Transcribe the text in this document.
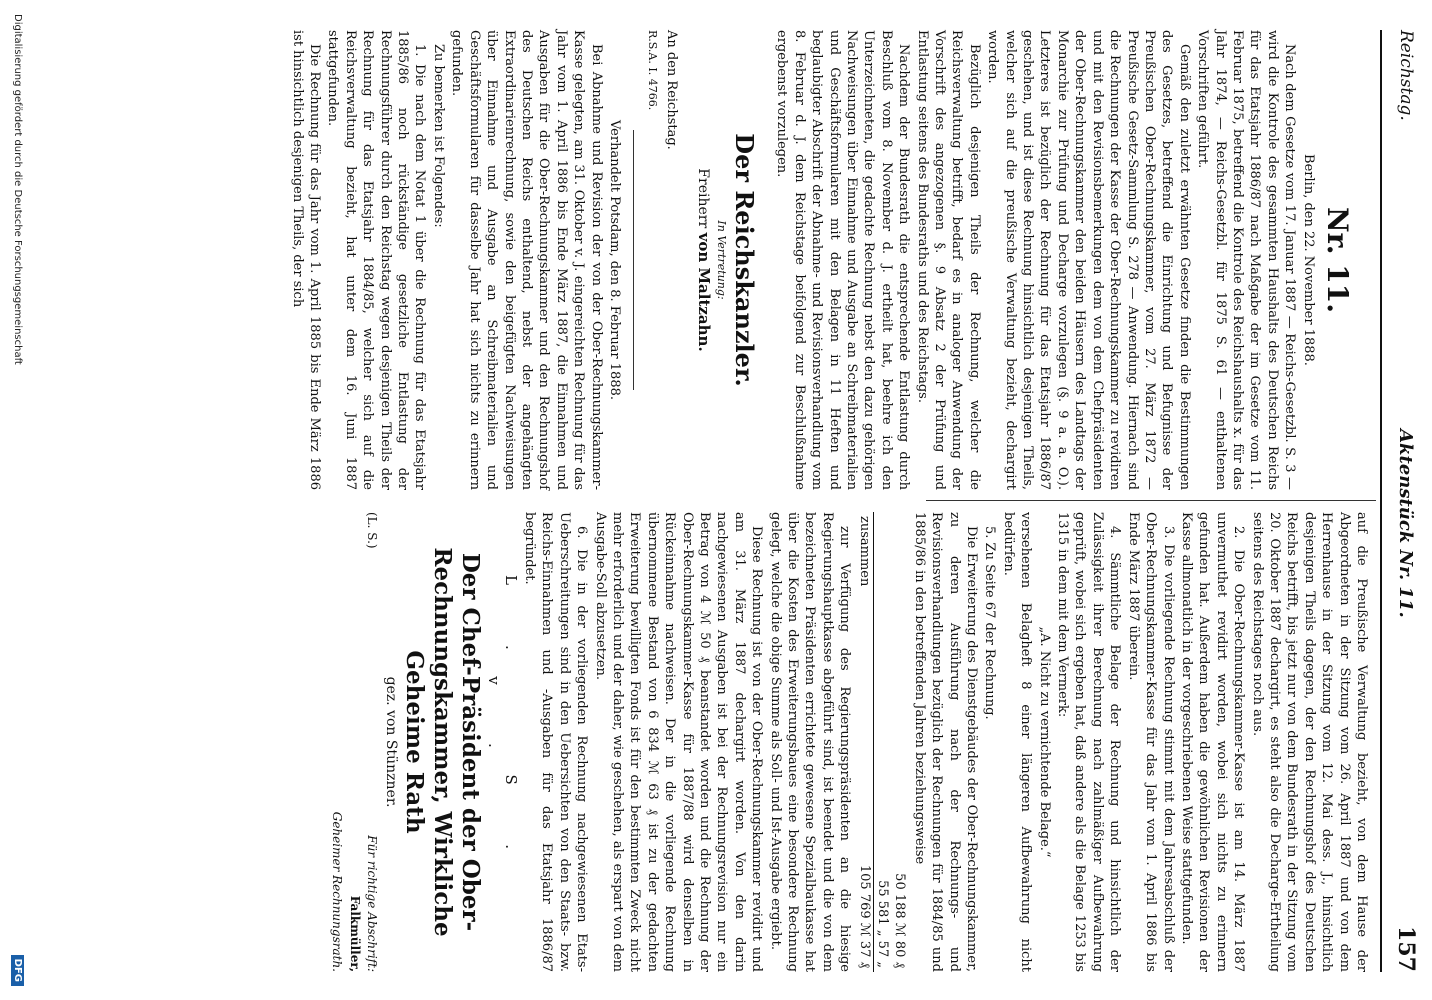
Reichstag.
Aktenstück Nr. 11.
157
Nr. 11.

Berlin, den 22. November 1888.

Nach dem Gesetze vom 17. Januar 1887 — Reichs-Gesetzbl. S. 3 — wird die Kontrole des gesammten Haushalts des Deutschen Reichs für das Etatsjahr 1886/87 nach Maßgabe der im Gesetze vom 11. Februar 1875, betreffend die Kontrole des Reichshaushalts x. für das Jahr 1874, — Reichs-Gesetzbl. für 1875 S. 61 — enthaltenen Vorschriften geführt.

Gemäß den zuletzt erwähnten Gesetze finden die Bestimmungen des Gesetzes, betreffend die Einrichtung und Befugnisse der Preußischen Ober-Rechnungskammer, vom 27. März 1872 — Preußische Gesetz-Sammlung S. 278 — Anwendung. Hiernach sind die Rechnungen der Kasse der Ober-Rechnungskammer zu revidiren und mit den Revisionsbemerkungen dem von dem Chefpräsidenten der Ober-Rechnungskammer den beiden Häusern des Landtags der Monarchie zur Prüfung und Decharge vorzulegen (§. 9 a. a. O.). Letzteres ist bezüglich der Rechnung für das Etatsjahr 1886/87 geschehen, und ist diese Rechnung hinsichtlich desjenigen Theils, welcher sich auf die preußische Verwaltung bezieht, dechargirt worden.

Bezüglich desjenigen Theils der Rechnung, welcher die Reichsverwaltung betrifft, bedarf es in analoger Anwendung der Vorschrift des angezogenen §. 9 Absatz 2 der Prüfung und Entlastung seitens des Bundesraths und des Reichstags.

Nachdem der Bundesrath die entsprechende Entlastung durch Beschluß vom 8. November d. J. ertheilt hat, beehre ich den Unterzeichneten, die gedachte Rechnung nebst den dazu gehörigen Nachweisungen über Einnahme und Ausgabe an Schreibmaterialien und Geschäftsformularen mit den Belagen in 11 Heften und beglaubigter Abschrift der Abnahme- und Revisionsverhandlung vom 8. Februar d. J. dem Reichstage beifolgend zur Beschlußnahme ergebenst vorzulegen.

Der Reichskanzler.
In Vertretung:
Freiherr von Maltzahn.

An den Reichstag.

R.S.A. I. 4766.

Verhandelt Potsdam, den 8. Februar 1888.

Bei Abnahme und Revision der von der Ober-Rechnungskammer-Kasse gelegten, am 31. Oktober v. J. eingereichten Rechnung für das Jahr vom 1. April 1886 bis Ende März 1887, die Einnahmen und Ausgaben für die Ober-Rechnungskammer und den Rechnungshof des Deutschen Reichs enthaltend, nebst der angehängten Extraordinarienrechnung, sowie den beigefügten Nachweisungen über Einnahme und Ausgabe an Schreibmaterialien und Geschäftsformularen für dasselbe Jahr hat sich nichts zu erinnern gefunden.

Zu bemerken ist Folgendes:

1. Die nach dem Notat 1 über die Rechnung für das Etatsjahr 1885/86 noch rückständige gesetzliche Entlastung der Rechnungsführer durch den Reichstag wegen desjenigen Theils der Rechnung für das Etatsjahr 1884/85, welcher sich auf die Reichsverwaltung bezieht, hat unter dem 16. Juni 1887 stattgefunden.

Die Rechnung für das Jahr vom 1. April 1885 bis Ende März 1886 ist hinsichtlich desjenigen Theils, der sich

auf die Preußische Verwaltung bezieht, von dem Hause der Abgeordneten in der Sitzung vom 26. April 1887 und von dem Herrenhause in der Sitzung vom 12. Mai dess. J., hinsichtlich desjenigen Theils dagegen, der den Rechnungshof des Deutschen Reichs betrifft, bis jetzt nur von dem Bundesrath in der Sitzung vom 20. Oktober 1887 dechargirt, es steht also die Decharge-Ertheilung seitens des Reichstages noch aus.

2. Die Ober-Rechnungskammer-Kasse ist am 14. März 1887 unvermuthet revidirt worden, wobei sich nichts zu erinnern gefunden hat. Außerdem haben die gewöhnlichen Revisionen der Kasse allmonatlich in der vorgeschriebenen Weise stattgefunden.

3. Die vorliegende Rechnung stimmt mit dem Jahresabschluß der Ober-Rechnungskammer-Kasse für das Jahr vom 1. April 1886 bis Ende März 1887 überein.

4. Sämmtliche Belage der Rechnung und hinsichtlich der Zulässigkeit ihrer Berechnung nach zahlmäßiger Aufbewahrung geprüft, wobei sich ergeben hat, daß andere als die Belage 1253 bis 1315 in dem mit dem Vermerk:

„A. Nicht zu vernichtende Belage.“

versehenen Belagheft 8 einer längeren Aufbewahrung nicht bedürfen.

5. Zu Seite 67 der Rechnung.

Die Erweiterung des Dienstgebäudes der Ober-Rechnungskammer, zu deren Ausführung nach der Rechnungs- und Revisionsverhandlungen bezüglich der Rechnungen für 1884/85 und 1885/86 in den betreffenden Jahren beziehungsweise

	50 188 ℳ 80 ₰
	55 581 „ 57 „
zusammen	105 769 ℳ 37 ₰

zur Verfügung des Regierungspräsidenten an die hiesige Regierungshauptkasse abgeführt sind, ist beendet und die von dem bezeichneten Präsidenten errichtete gewesene Spezialbaukasse hat über die Kosten des Erweiterungsbaues eine besondere Rechnung gelegt, welche die obige Summe als Soll- und Ist-Ausgabe ergiebt.

Diese Rechnung ist von der Ober-Rechnungskammer revidirt und am 31. März 1887 dechargirt worden. Von den darin nachgewiesenen Ausgaben ist bei der Rechnungsrevision nur ein Betrag von 4 ℳ 50 ₰ beanstandet worden und die Rechnung der Ober-Rechnungskammer-Kasse für 1887/88 wird denselben in Rückeinnahme nachweisen. Der in die vorliegende Rechnung übernommene Bestand von 6 834 ℳ 63 ₰ ist zu der gedachten Erweiterung bewilligten Fonds ist für den bestimmten Zweck nicht mehr erforderlich und der daher, wie geschehen, als erspart von dem Ausgabe-Soll abzusetzen.

6. Die in der vorliegenden Rechnung nachgewiesenen Etats-Ueberschreitungen sind in den Uebersichten von den Staats- bzw. Reichs-Einnahmen und -Ausgaben für das Etatsjahr 1886/87 begründet.

L. S. v.

Der Chef-Präsident der Ober-Rechnungskammer, Wirkliche Geheime Rath

gez. von Stünzner.

(L. S.)
Für richtige Abschrift:
Falkmüller,
Geheimer Rechnungsrath.
Digitalisierung gefördert durch die Deutsche Forschungsgemeinschaft
DFG
